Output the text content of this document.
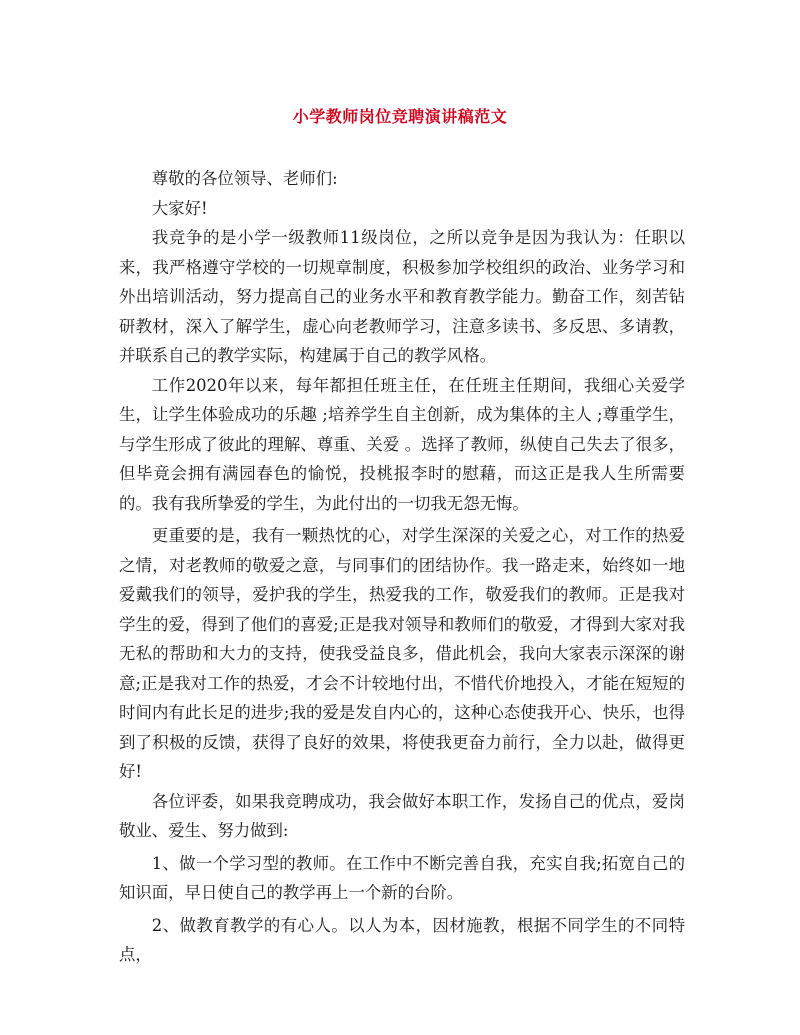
小学教师岗位竞聘演讲稿范文

尊敬的各位领导、老师们:

大家好!

我竞争的是小学一级教师11级岗位，之所以竞争是因为我认为：任职以来，我严格遵守学校的一切规章制度，积极参加学校组织的政治、业务学习和外出培训活动，努力提高自己的业务水平和教育教学能力。勤奋工作，刻苦钻研教材，深入了解学生，虚心向老教师学习，注意多读书、多反思、多请教，并联系自己的教学实际，构建属于自己的教学风格。

工作2020年以来，每年都担任班主任，在任班主任期间，我细心关爱学生，让学生体验成功的乐趣 ;培养学生自主创新，成为集体的主人 ;尊重学生，与学生形成了彼此的理解、尊重、关爱 。选择了教师，纵使自己失去了很多，但毕竟会拥有满园春色的愉悦，投桃报李时的慰藉，而这正是我人生所需要的。我有我所挚爱的学生，为此付出的一切我无怨无悔。

更重要的是，我有一颗热忱的心，对学生深深的关爱之心，对工作的热爱之情，对老教师的敬爱之意，与同事们的团结协作。我一路走来，始终如一地爱戴我们的领导，爱护我的学生，热爱我的工作，敬爱我们的教师。正是我对学生的爱，得到了他们的喜爱;正是我对领导和教师们的敬爱，才得到大家对我无私的帮助和大力的支持，使我受益良多，借此机会，我向大家表示深深的谢意;正是我对工作的热爱，才会不计较地付出，不惜代价地投入，才能在短短的时间内有此长足的进步;我的爱是发自内心的，这种心态使我开心、快乐，也得到了积极的反馈，获得了良好的效果，将使我更奋力前行，全力以赴，做得更好!

各位评委，如果我竞聘成功，我会做好本职工作，发扬自己的优点，爱岗敬业、爱生、努力做到:

1、做一个学习型的教师。在工作中不断完善自我，充实自我;拓宽自己的知识面，早日使自己的教学再上一个新的台阶。

2、做教育教学的有心人。以人为本，因材施教，根据不同学生的不同特点，
